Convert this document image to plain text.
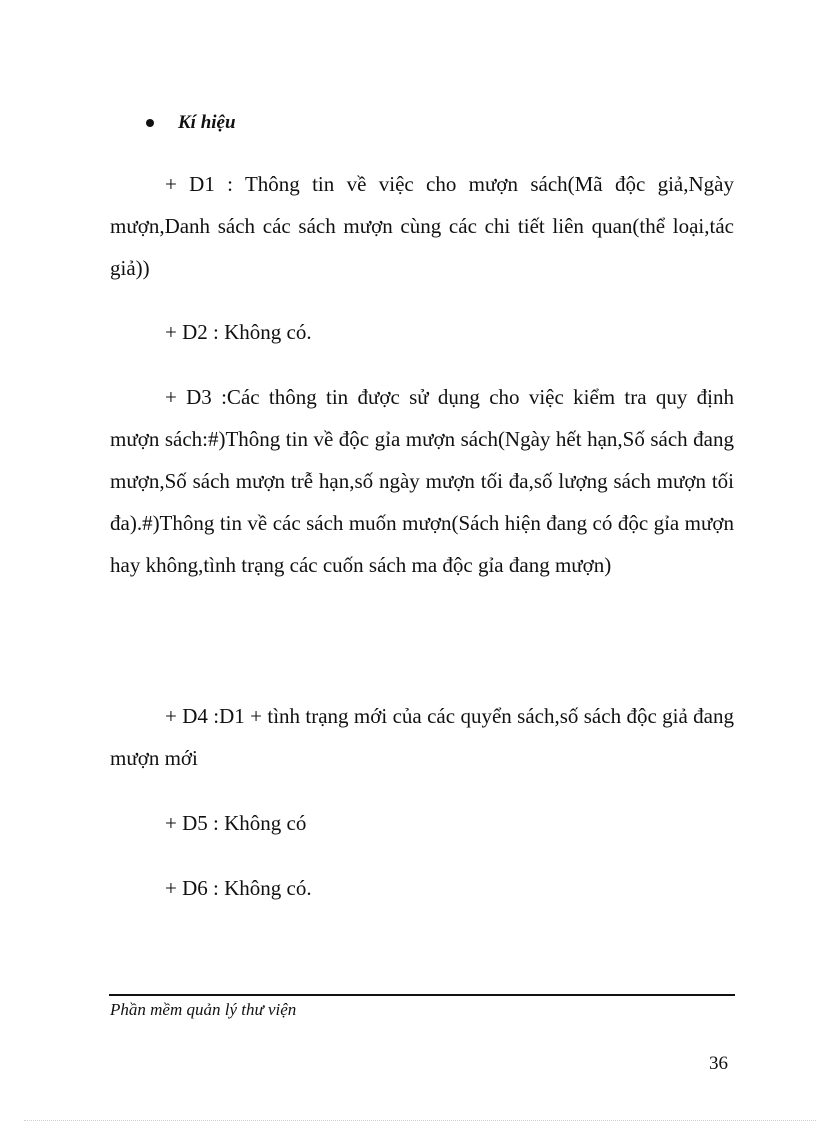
Kí hiệu

+ D1 : Thông tin về việc cho mượn sách(Mã độc giả,Ngày mượn,Danh sách các sách mượn cùng các chi tiết liên quan(thể loại,tác giả))

+ D2 : Không có.

+ D3 :Các thông tin được sử dụng cho việc kiểm tra quy định mượn sách:#)Thông tin về độc gỉa mượn sách(Ngày hết hạn,Số sách đang mượn,Số sách mượn trễ hạn,số ngày mượn tối đa,số lượng sách mượn tối đa).#)Thông tin về các sách muốn mượn(Sách hiện đang có độc gỉa mượn hay không,tình trạng các cuốn sách ma độc gỉa đang mượn)

+ D4 :D1 + tình trạng mới của các quyển sách,số sách độc giả đang mượn mới

+ D5 : Không có

+ D6 : Không có.

Phần mềm quản lý thư viện
36
